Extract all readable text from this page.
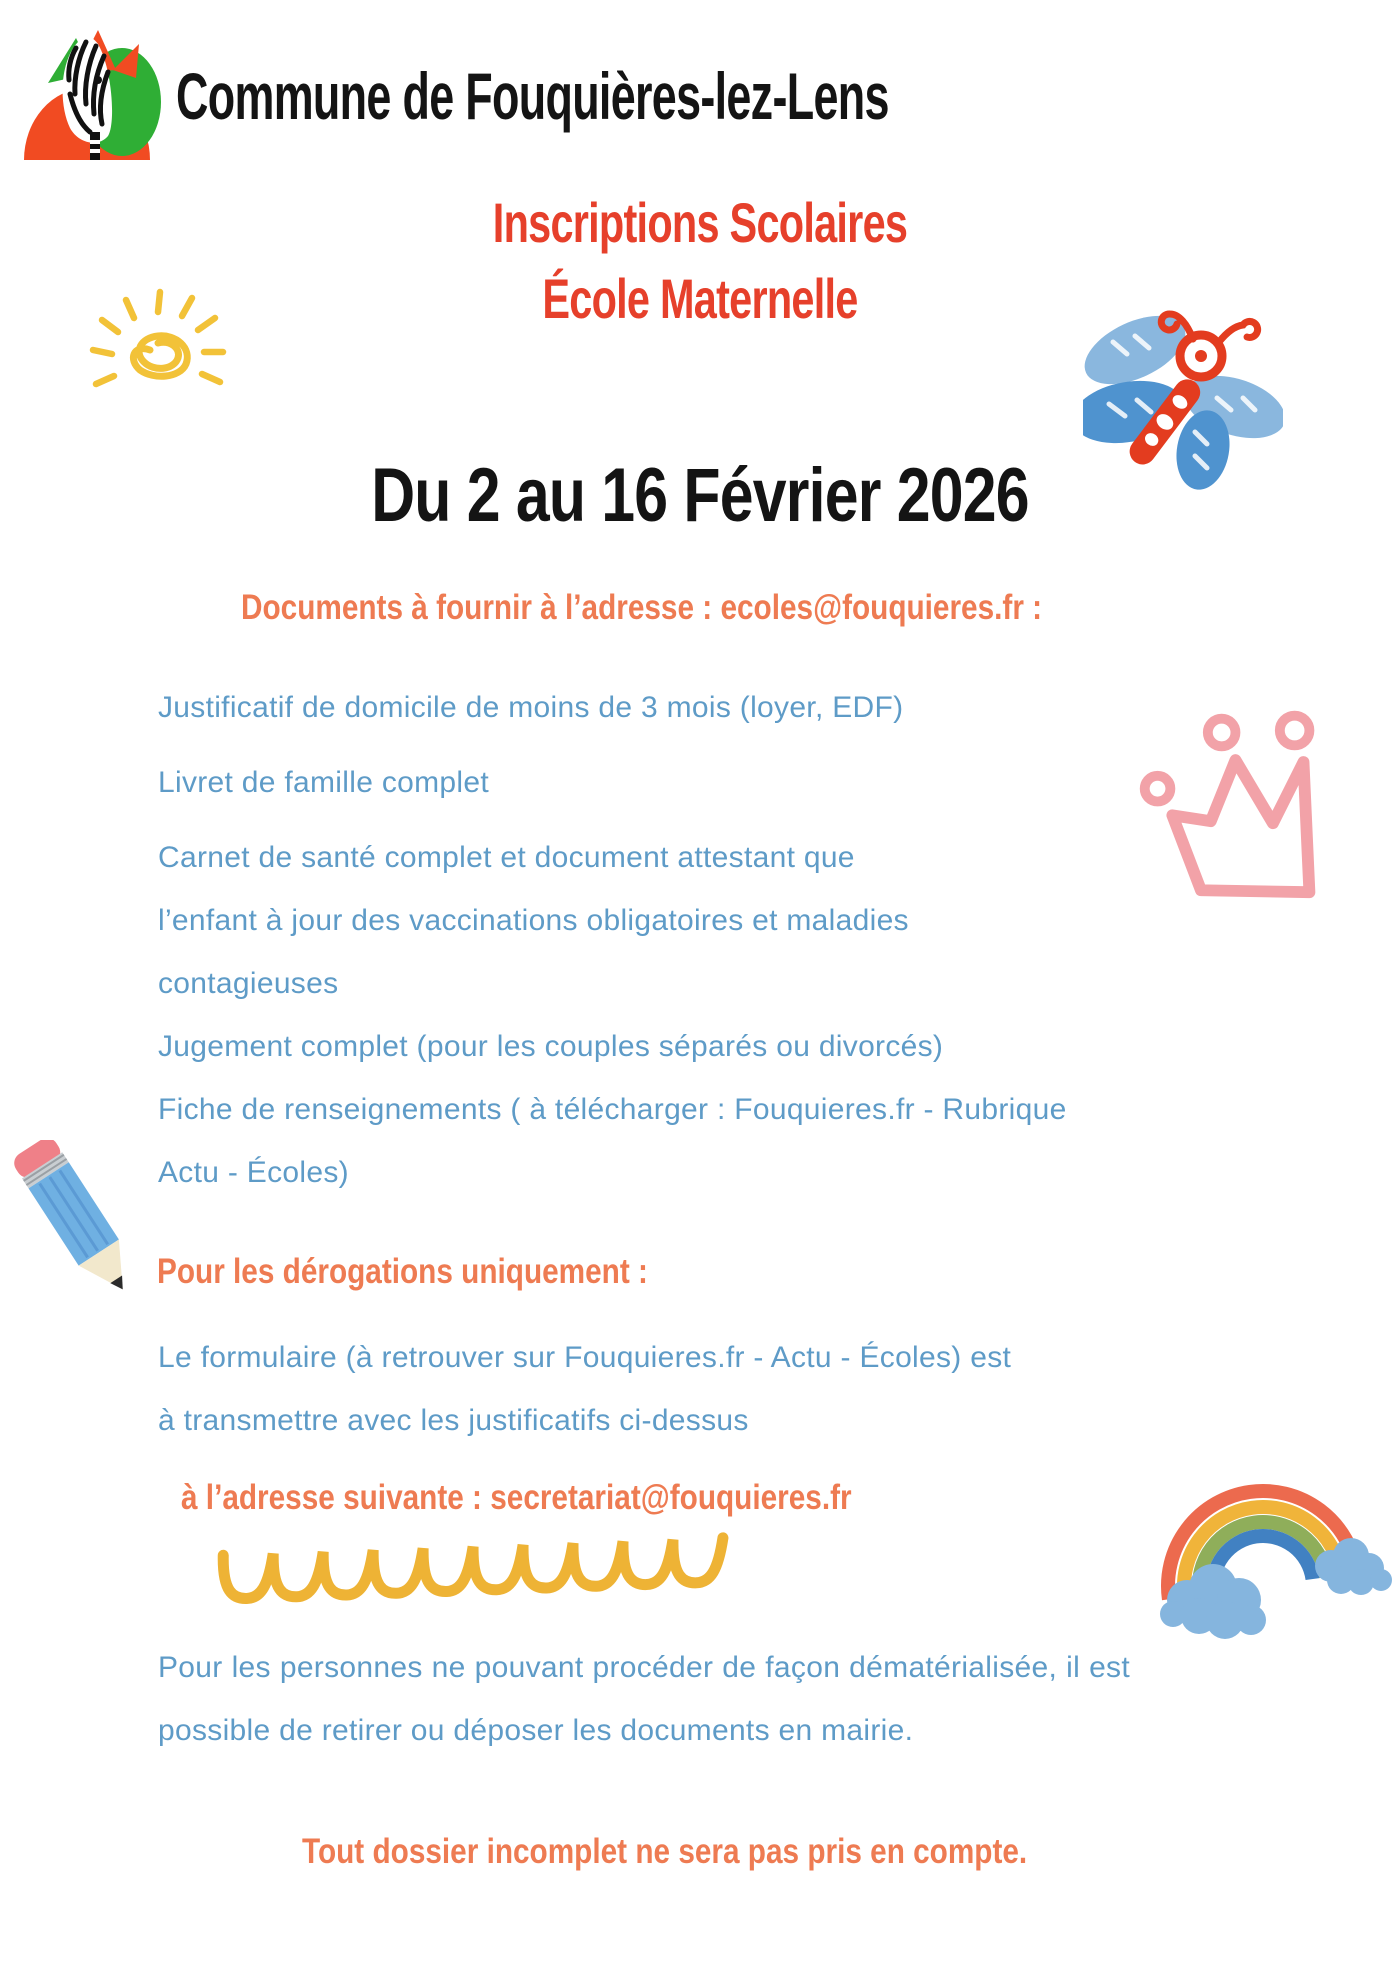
Commune de Fouquières-lez-Lens
Inscriptions Scolaires
École Maternelle
Du 2 au 16 Février 2026
Documents à fournir à l’adresse : ecoles@fouquieres.fr :
Justificatif de domicile de moins de 3 mois (loyer, EDF)
Livret de famille complet
Carnet de santé complet et document attestant que
l’enfant à jour des vaccinations obligatoires et maladies
contagieuses
Jugement complet (pour les couples séparés ou divorcés)
Fiche de renseignements ( à télécharger : Fouquieres.fr - Rubrique
Actu - Écoles)
Pour les dérogations uniquement :
Le formulaire (à retrouver sur Fouquieres.fr - Actu - Écoles) est
à transmettre avec les justificatifs ci-dessus
à l’adresse suivante : secretariat@fouquieres.fr
Pour les personnes ne pouvant procéder de façon dématérialisée, il est possible de retirer ou déposer les documents en mairie.
Tout dossier incomplet ne sera pas pris en compte.
